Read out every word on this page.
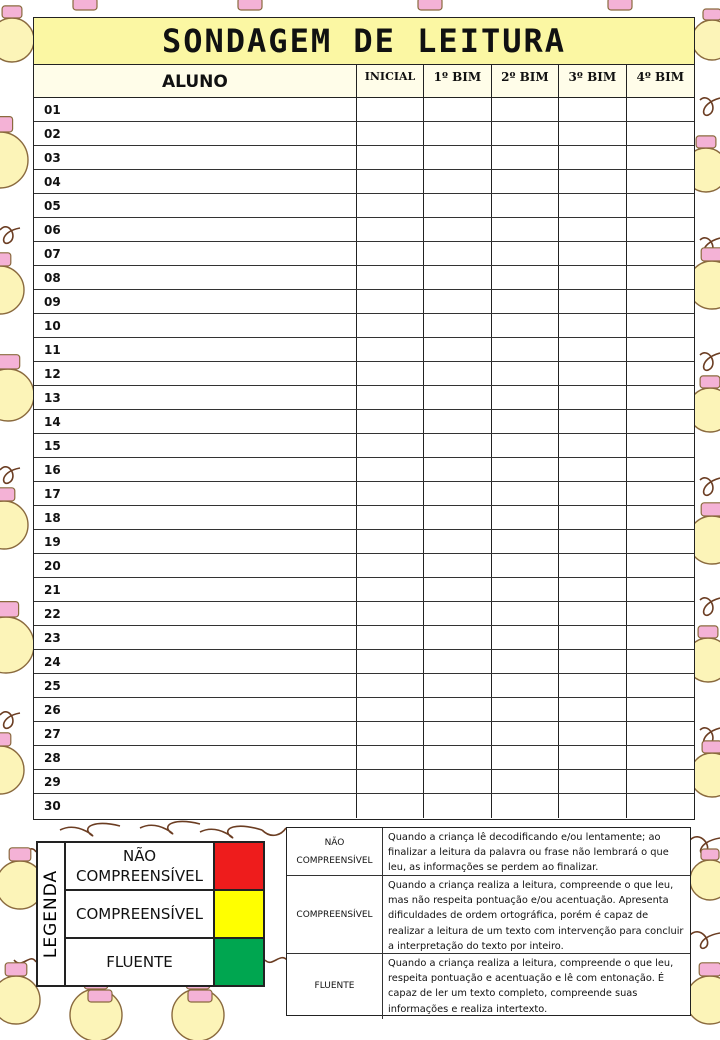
SONDAGEM DE LEITURA
ALUNO	INICIAL	1º BIM	2º BIM	3º BIM	4º BIM
01
02
03
04
05
06
07
08
09
10
11
12
13
14
15
16
17
18
19
20
21
22
23
24
25
26
27
28
29
30
LEGENDA
NÃO COMPREENSÍVEL
COMPREENSÍVEL
FLUENTE
NÃO COMPREENSÍVEL
Quando a criança lê decodificando e/ou lentamente; ao finalizar a leitura da palavra ou frase não lembrará o que leu, as informações se perdem ao finalizar.
COMPREENSÍVEL
Quando a criança realiza a leitura, compreende o que leu, mas não respeita pontuação e/ou acentuação. Apresenta dificuldades de ordem ortográfica, porém é capaz de realizar a leitura de um texto com intervenção para concluir a interpretação do texto por inteiro.
FLUENTE
Quando a criança realiza a leitura, compreende o que leu, respeita pontuação e acentuação e lê com entonação. É capaz de ler um texto completo, compreende suas informações e realiza intertexto.
